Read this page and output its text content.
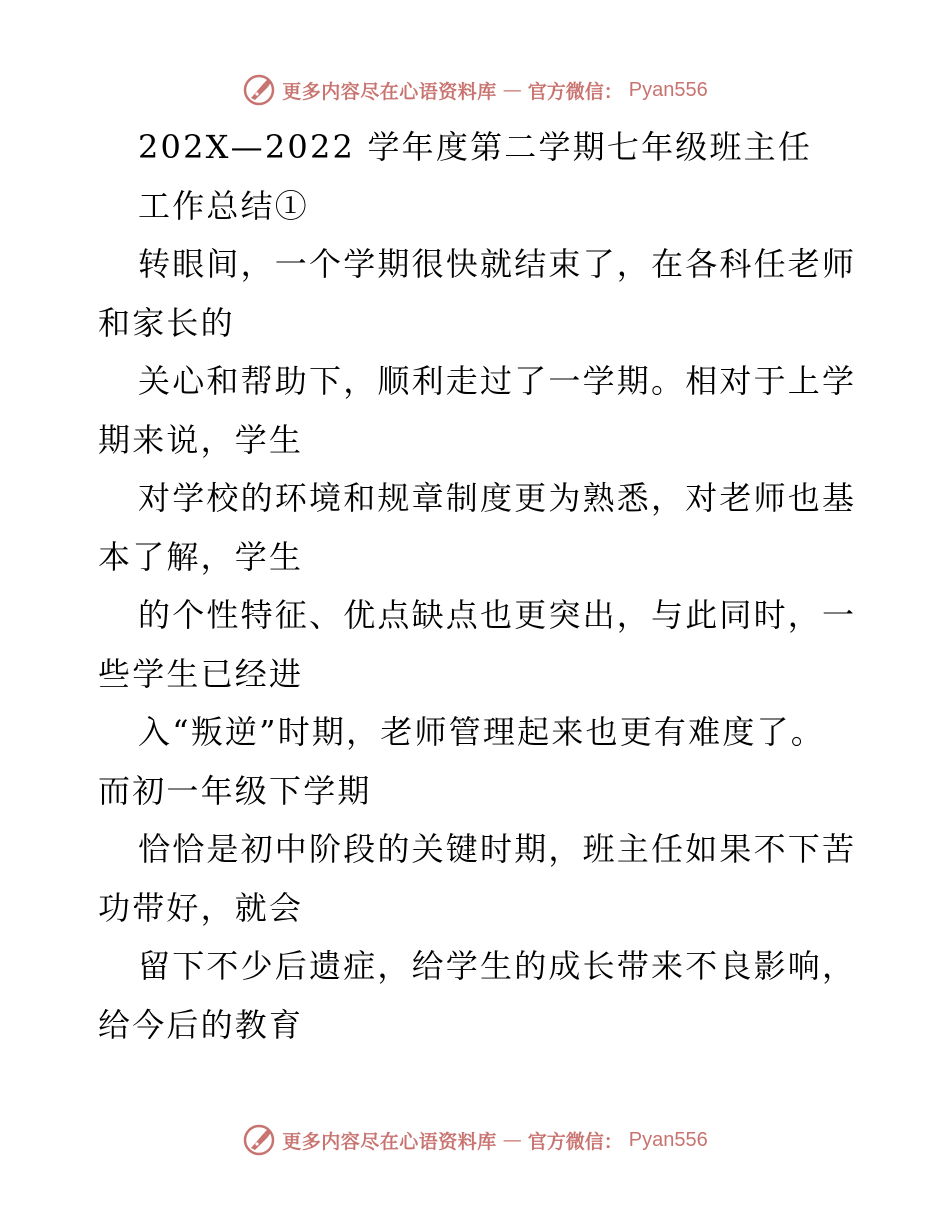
更多内容尽在心语资料库 — 官方微信： Pyan556
202X—2022 学年度第二学期七年级班主任
工作总结①
转眼间，一个学期很快就结束了，在各科任老师
和家长的
关心和帮助下，顺利走过了一学期。相对于上学
期来说，学生
对学校的环境和规章制度更为熟悉，对老师也基
本了解，学生
的个性特征、优点缺点也更突出，与此同时，一
些学生已经进
入“叛逆”时期，老师管理起来也更有难度了。
而初一年级下学期
恰恰是初中阶段的关键时期，班主任如果不下苦
功带好，就会
留下不少后遗症，给学生的成长带来不良影响，
给今后的教育
更多内容尽在心语资料库 — 官方微信： Pyan556
